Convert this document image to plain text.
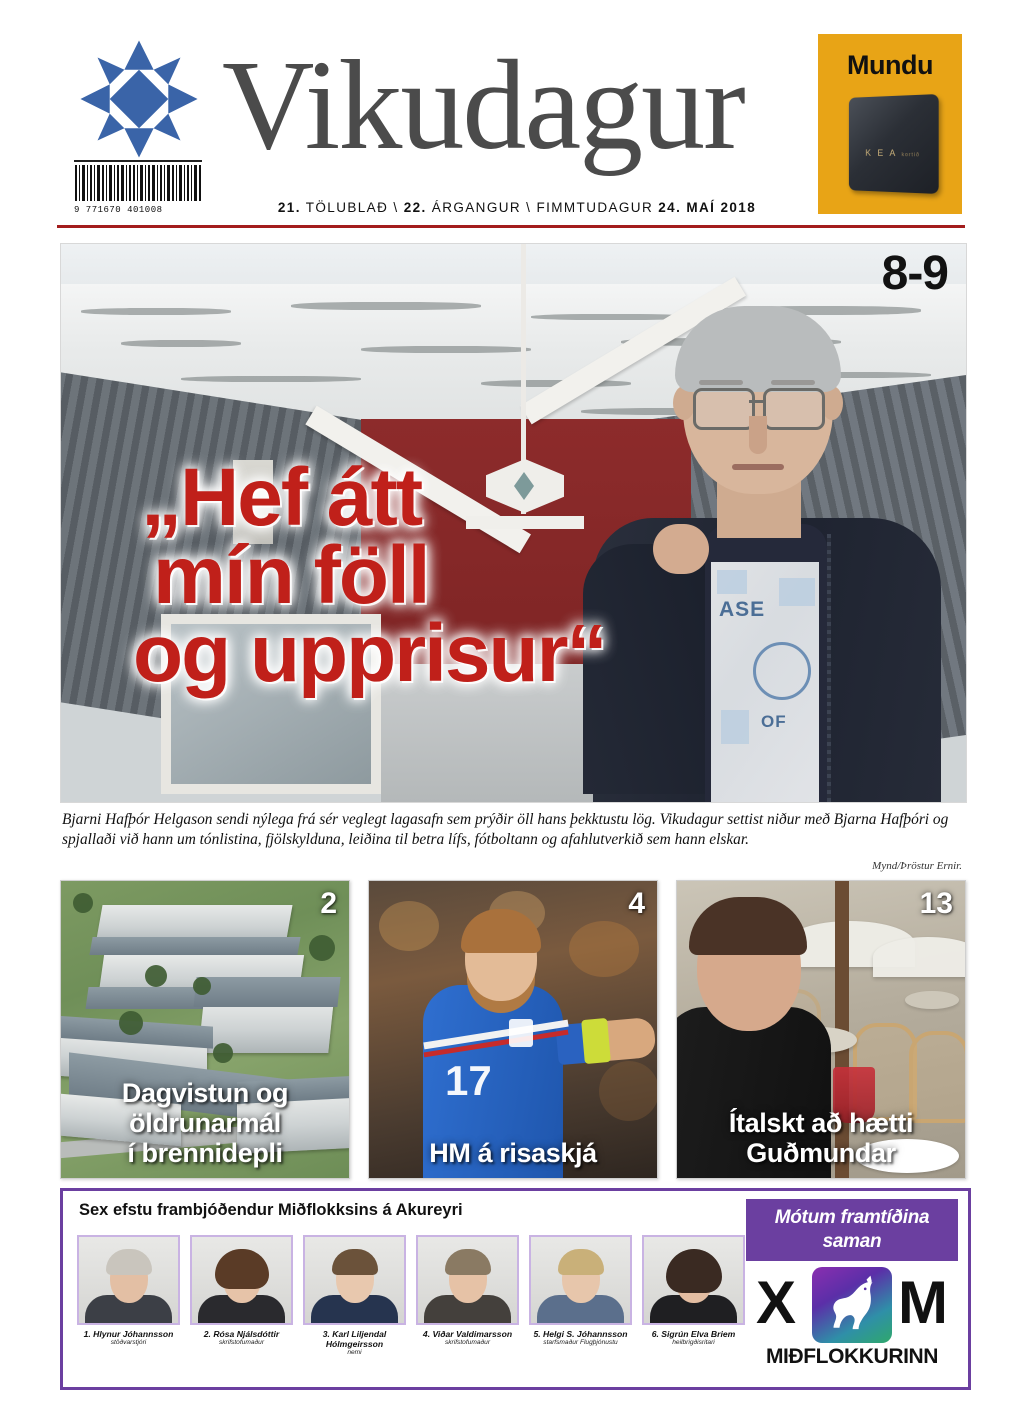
9 771670 401008
Vikudagur
21. TÖLUBLAÐ \ 22. ÁRGANGUR \ FIMMTUDAGUR 24. MAÍ 2018
Mundu
K E A kortið
ASE
OF
8-9
„Hef átt
mín föll
og upprisur“
Bjarni Hafþór Helgason sendi nýlega frá sér veglegt lagasafn sem prýðir öll hans þekktustu lög. Vikudagur settist niður með Bjarna Hafþóri og spjallaði við hann um tónlistina, fjölskylduna, leiðina til betra lífs, fótboltann og afahlutverkið sem hann elskar.
Mynd/Þröstur Ernir.
2
Dagvistun og
öldrunarmál
í brennidepli
17
4
HM á risaskjá
13
Ítalskt að hætti
Guðmundar
Sex efstu frambjóðendur Miðflokksins á Akureyri
1. Hlynur Jóhannsson
stöðvarstjóri
2. Rósa Njálsdóttir
skrifstofumaður
3. Karl Liljendal Hólmgeirsson
nemi
4. Viðar Valdimarsson
skrifstofumaður
5. Helgi S. Jóhannsson
starfsmaður Flugþjónustu
6. Sigrún Elva Briem
heilbrigðisritari
Mótum framtíðina
saman
X M
MIÐFLOKKURINN
